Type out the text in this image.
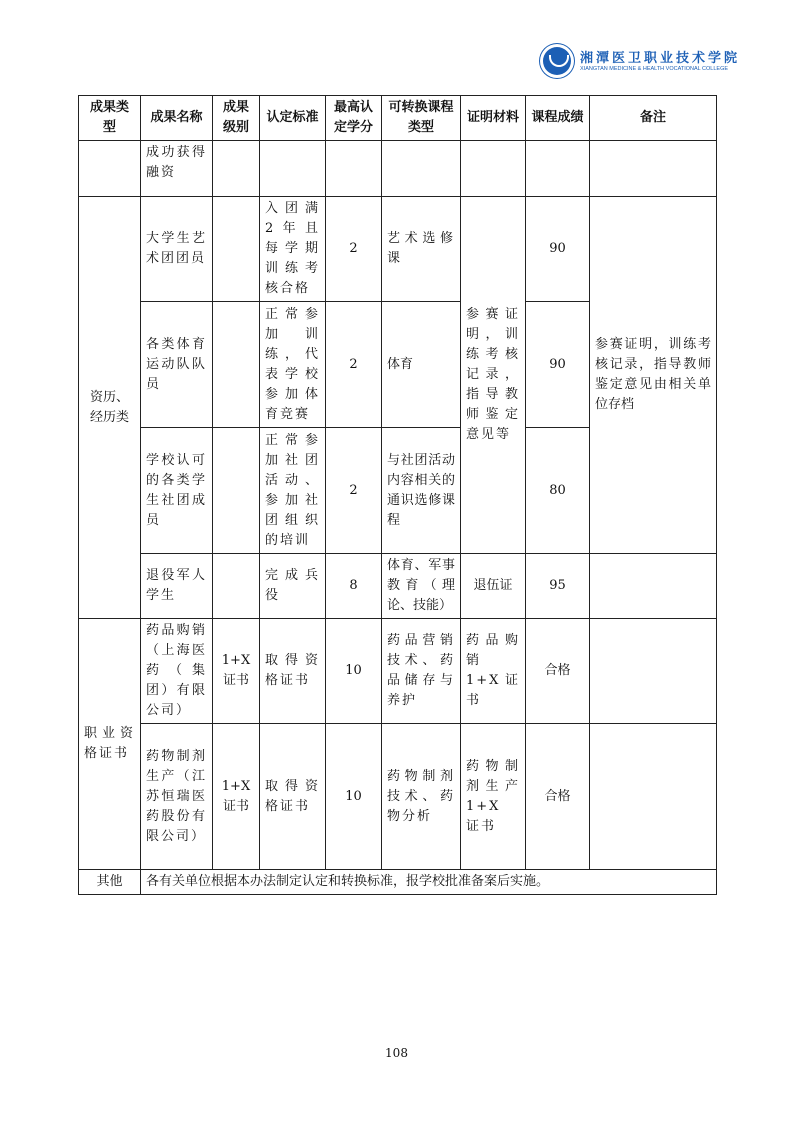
湘潭医卫职业技术学院
XIANGTAN MEDICINE & HEALTH VOCATIONAL COLLEGE
成果类型	成果名称	成果级别	认定标准	最高认定学分	可转换课程类型	证明材料	课程成绩	备注
	成功获得融资							
资历、经历类	大学生艺术团团员		入团满2年且每学期训练考核合格	2	艺术选修课	参赛证明，训练考核记录，指导教师鉴定意见等	90	参赛证明，训练考核记录，指导教师鉴定意见由相关单位存档
	各类体育运动队队员		正常参加训练，代表学校参加体育竞赛	2	体育		90	
	学校认可的各类学生社团成员		正常参加社团活动、参加社团组织的培训	2	与社团活动内容相关的通识选修课程		80	
	退役军人学生		完成兵役	8	体育、军事教育（理论、技能）	退伍证	95	
职业资格证书	药品购销（上海医药（集团）有限公司）	1+X证书	取得资格证书	10	药品营销技术、药品储存与养护	药品购销 1+X证书	合格	
	药物制剂生产（江苏恒瑞医药股份有限公司）	1+X证书	取得资格证书	10	药物制剂技术、药物分析	药物制剂生产1+X 证书	合格	
其他	各有关单位根据本办法制定认定和转换标准，报学校批准备案后实施。							
108
